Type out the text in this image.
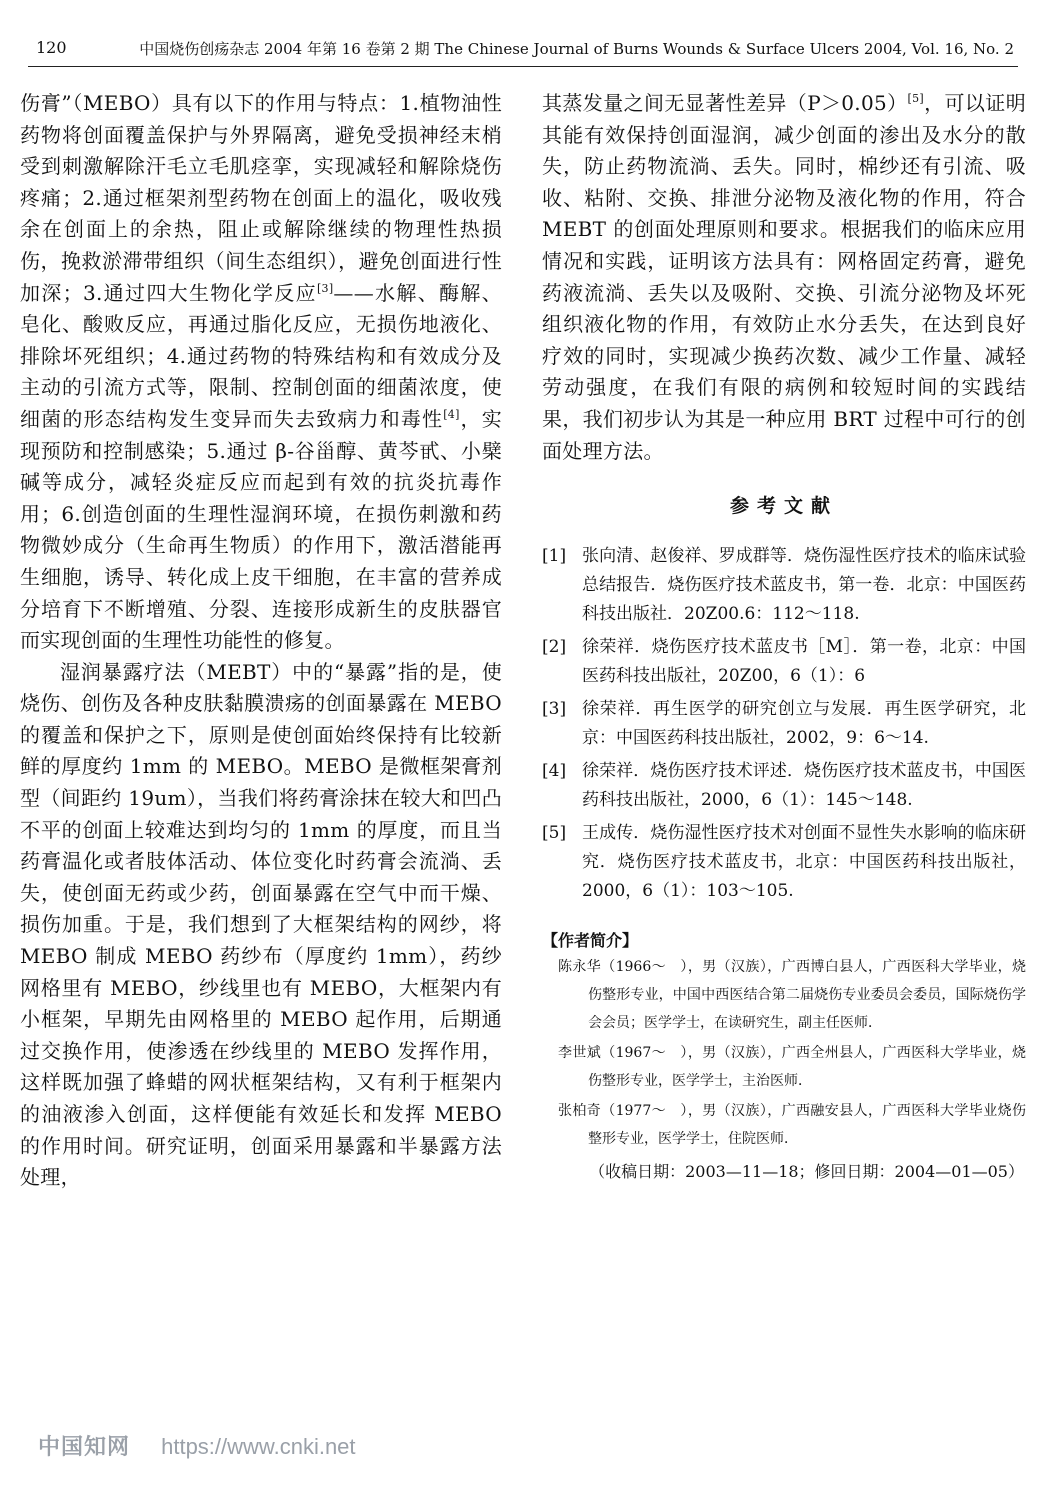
120	中国烧伤创疡杂志 2004 年第 16 卷第 2 期 The Chinese Journal of Burns Wounds & Surface Ulcers 2004, Vol. 16, No. 2

伤膏”（MEBO）具有以下的作用与特点：1.植物油性药物将创面覆盖保护与外界隔离，避免受损神经末梢受到刺激解除汗毛立毛肌痉挛，实现减轻和解除烧伤疼痛；2.通过框架剂型药物在创面上的温化，吸收残余在创面上的余热，阻止或解除继续的物理性热损伤，挽救淤滞带组织（间生态组织），避免创面进行性加深；3.通过四大生物化学反应[3]——水解、酶解、皂化、酸败反应，再通过脂化反应，无损伤地液化、排除坏死组织；4.通过药物的特殊结构和有效成分及主动的引流方式等，限制、控制创面的细菌浓度，使细菌的形态结构发生变异而失去致病力和毒性[4]，实现预防和控制感染；5.通过 β-谷甾醇、黄芩甙、小檗碱等成分，减轻炎症反应而起到有效的抗炎抗毒作用；6.创造创面的生理性湿润环境，在损伤刺激和药物微妙成分（生命再生物质）的作用下，激活潜能再生细胞，诱导、转化成上皮干细胞，在丰富的营养成分培育下不断增殖、分裂、连接形成新生的皮肤器官而实现创面的生理性功能性的修复。

湿润暴露疗法（MEBT）中的“暴露”指的是，使烧伤、创伤及各种皮肤黏膜溃疡的创面暴露在 MEBO 的覆盖和保护之下，原则是使创面始终保持有比较新鲜的厚度约 1mm 的 MEBO。MEBO 是微框架膏剂型（间距约 19um），当我们将药膏涂抹在较大和凹凸不平的创面上较难达到均匀的 1mm 的厚度，而且当药膏温化或者肢体活动、体位变化时药膏会流淌、丢失，使创面无药或少药，创面暴露在空气中而干燥、损伤加重。于是，我们想到了大框架结构的网纱，将 MEBO 制成 MEBO 药纱布（厚度约 1mm），药纱网格里有 MEBO，纱线里也有 MEBO，大框架内有小框架，早期先由网格里的 MEBO 起作用，后期通过交换作用，使渗透在纱线里的 MEBO 发挥作用，这样既加强了蜂蜡的网状框架结构，又有利于框架内的油液渗入创面，这样便能有效延长和发挥 MEBO 的作用时间。研究证明，创面采用暴露和半暴露方法处理，

其蒸发量之间无显著性差异（P＞0.05）[5]，可以证明其能有效保持创面湿润，减少创面的渗出及水分的散失，防止药物流淌、丢失。同时，棉纱还有引流、吸收、粘附、交换、排泄分泌物及液化物的作用，符合 MEBT 的创面处理原则和要求。根据我们的临床应用情况和实践，证明该方法具有：网格固定药膏，避免药液流淌、丢失以及吸附、交换、引流分泌物及坏死组织液化物的作用，有效防止水分丢失，在达到良好疗效的同时，实现减少换药次数、减少工作量、减轻劳动强度，在我们有限的病例和较短时间的实践结果，我们初步认为其是一种应用 BRT 过程中可行的创面处理方法。

参考文献
[1] 张向清、赵俊祥、罗成群等．烧伤湿性医疗技术的临床试验总结报告．烧伤医疗技术蓝皮书，第一卷．北京：中国医药科技出版社．20Z00.6：112～118.
[2] 徐荣祥．烧伤医疗技术蓝皮书［M］．第一卷，北京：中国医药科技出版社，20Z00，6（1）：6
[3] 徐荣祥．再生医学的研究创立与发展．再生医学研究，北京：中国医药科技出版社，2002，9：6～14.
[4] 徐荣祥．烧伤医疗技术评述．烧伤医疗技术蓝皮书，中国医药科技出版社，2000，6（1）：145～148.
[5] 王成传．烧伤湿性医疗技术对创面不显性失水影响的临床研究．烧伤医疗技术蓝皮书，北京：中国医药科技出版社，2000，6（1）：103～105.
【作者简介】
陈永华（1966～　），男（汉族），广西博白县人，广西医科大学毕业，烧伤整形专业，中国中西医结合第二届烧伤专业委员会委员，国际烧伤学会会员；医学学士，在读研究生，副主任医师．
李世斌（1967～　），男（汉族），广西全州县人，广西医科大学毕业，烧伤整形专业，医学学士，主治医师．
张柏奇（1977～　），男（汉族），广西融安县人，广西医科大学毕业烧伤整形专业，医学学士，住院医师．
（收稿日期：2003—11—18；修回日期：2004—01—05）
中国知网 https://www.cnki.net
